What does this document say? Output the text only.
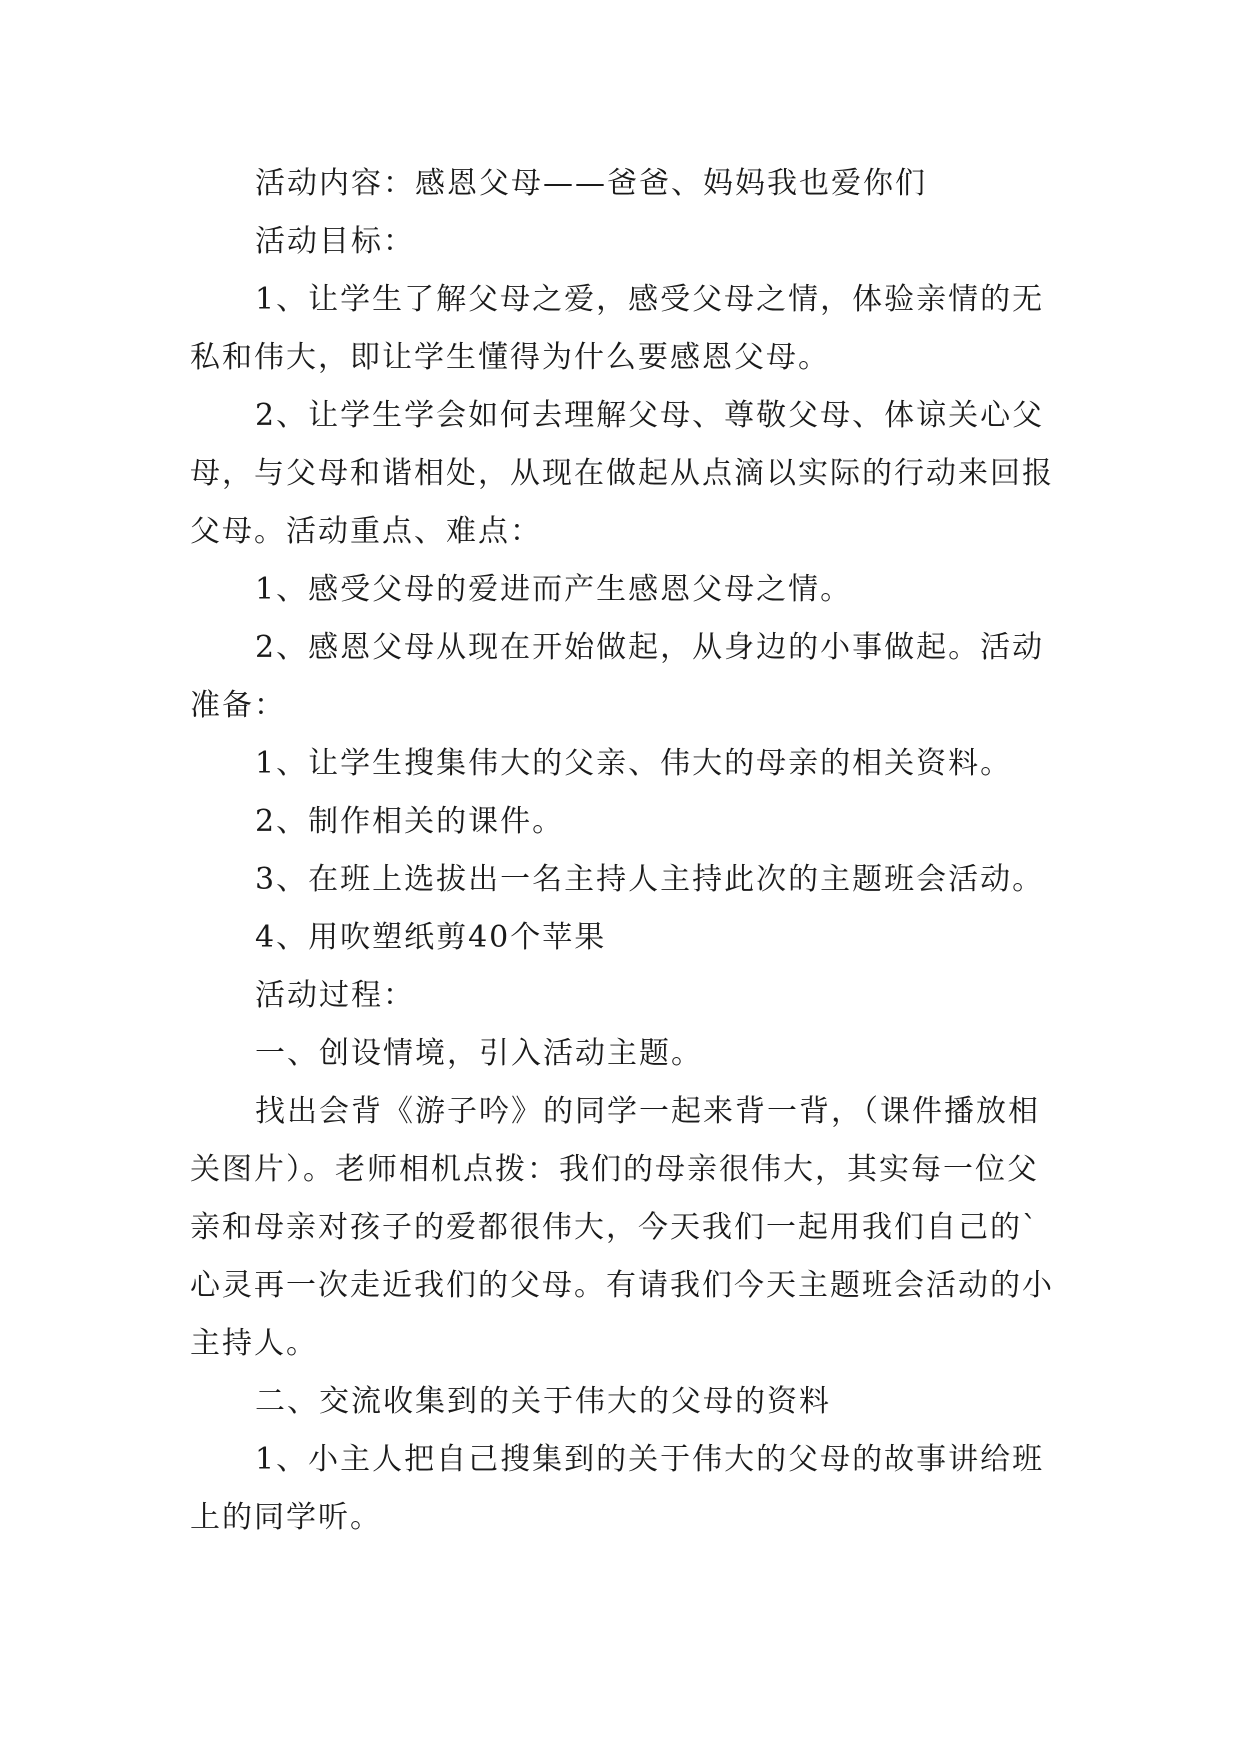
活动内容：感恩父母——爸爸、妈妈我也爱你们

活动目标：

1、让学生了解父母之爱，感受父母之情，体验亲情的无私和伟大，即让学生懂得为什么要感恩父母。

2、让学生学会如何去理解父母、尊敬父母、体谅关心父母，与父母和谐相处，从现在做起从点滴以实际的行动来回报父母。活动重点、难点：

1、感受父母的爱进而产生感恩父母之情。

2、感恩父母从现在开始做起，从身边的小事做起。活动准备：

1、让学生搜集伟大的父亲、伟大的母亲的相关资料。

2、制作相关的课件。

3、在班上选拔出一名主持人主持此次的主题班会活动。

4、用吹塑纸剪40个苹果

活动过程：

一、创设情境，引入活动主题。

找出会背《游子吟》的同学一起来背一背，（课件播放相关图片）。老师相机点拨：我们的母亲很伟大，其实每一位父亲和母亲对孩子的爱都很伟大，今天我们一起用我们自己的`心灵再一次走近我们的父母。有请我们今天主题班会活动的小主持人。

二、交流收集到的关于伟大的父母的资料

1、小主人把自己搜集到的关于伟大的父母的故事讲给班上的同学听。
